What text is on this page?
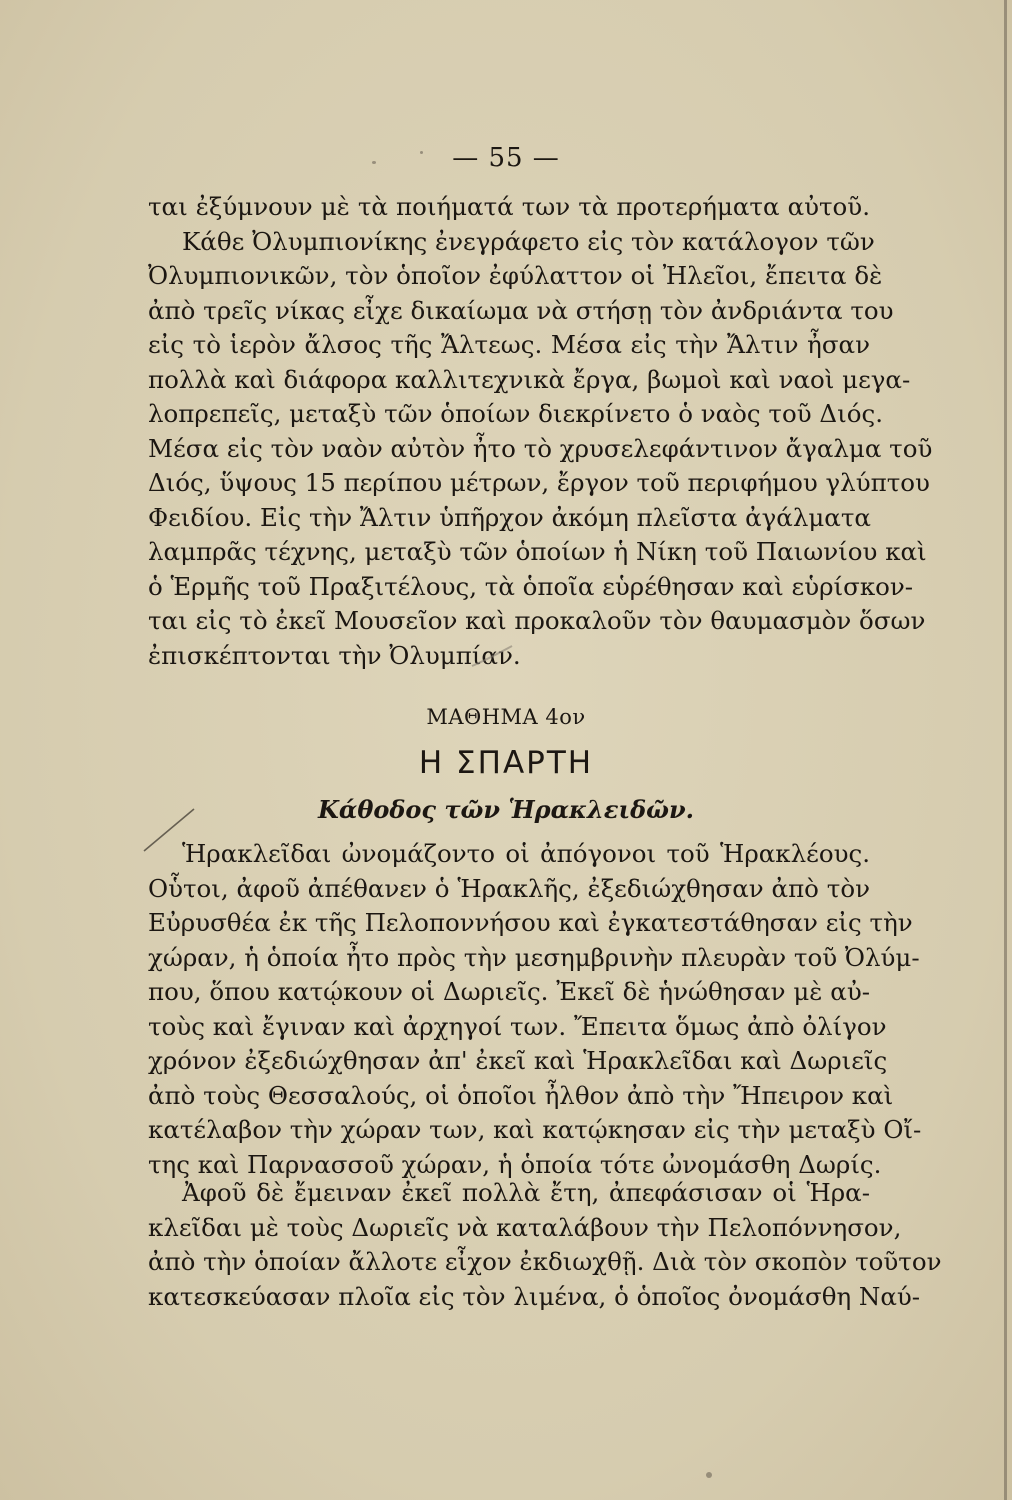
— 55 —
ται ἐξύμνουν μὲ τὰ ποιήματά των τὰ προτερήματα αὐτοῦ.
Κάθε Ὀλυμπιονίκης ἐνεγράφετο εἰς τὸν κατάλογον τῶν
Ὀλυμπιονικῶν, τὸν ὁποῖον ἐφύλαττον οἱ Ἠλεῖοι, ἔπειτα δὲ
ἀπὸ τρεῖς νίκας εἶχε δικαίωμα νὰ στήσῃ τὸν ἀνδριάντα του
εἰς τὸ ἱερὸν ἄλσος τῆς Ἄλτεως. Μέσα εἰς τὴν Ἄλτιν ἦσαν
πολλὰ καὶ διάφορα καλλιτεχνικὰ ἔργα, βωμοὶ καὶ ναοὶ μεγα-
λοπρεπεῖς, μεταξὺ τῶν ὁποίων διεκρίνετο ὁ ναὸς τοῦ Διός.
Μέσα εἰς τὸν ναὸν αὐτὸν ἦτο τὸ χρυσελεφάντινον ἄγαλμα τοῦ
Διός, ὕψους 15 περίπου μέτρων, ἔργον τοῦ περιφήμου γλύπτου
Φειδίου. Εἰς τὴν Ἄλτιν ὑπῆρχον ἀκόμη πλεῖστα ἀγάλματα
λαμπρᾶς τέχνης, μεταξὺ τῶν ὁποίων ἡ Νίκη τοῦ Παιωνίου καὶ
ὁ Ἑρμῆς τοῦ Πραξιτέλους, τὰ ὁποῖα εὑρέθησαν καὶ εὑρίσκον-
ται εἰς τὸ ἐκεῖ Μουσεῖον καὶ προκαλοῦν τὸν θαυμασμὸν ὅσων
ἐπισκέπτονται τὴν Ὀλυμπίαν.
ΜΑΘΗΜΑ 4ον
Η ΣΠΑΡΤΗ
Κάθοδος τῶν Ἡρακλειδῶν.
Ἡρακλεῖδαι ὠνομάζοντο οἱ ἀπόγονοι τοῦ Ἡρακλέους.
Οὗτοι, ἀφοῦ ἀπέθανεν ὁ Ἡρακλῆς, ἐξεδιώχθησαν ἀπὸ τὸν
Εὐρυσθέα ἐκ τῆς Πελοποννήσου καὶ ἐγκατεστάθησαν εἰς τὴν
χώραν, ἡ ὁποία ἦτο πρὸς τὴν μεσημβρινὴν πλευρὰν τοῦ Ὀλύμ-
που, ὅπου κατῴκουν οἱ Δωριεῖς. Ἐκεῖ δὲ ἡνώθησαν μὲ αὐ-
τοὺς καὶ ἔγιναν καὶ ἀρχηγοί των. Ἔπειτα ὅμως ἀπὸ ὀλίγον
χρόνον ἐξεδιώχθησαν ἀπ' ἐκεῖ καὶ Ἡρακλεῖδαι καὶ Δωριεῖς
ἀπὸ τοὺς Θεσσαλούς, οἱ ὁποῖοι ἦλθον ἀπὸ τὴν Ἤπειρον καὶ
κατέλαβον τὴν χώραν των, καὶ κατῴκησαν εἰς τὴν μεταξὺ Οἴ-
της καὶ Παρνασσοῦ χώραν, ἡ ὁποία τότε ὠνομάσθη Δωρίς.
Ἀφοῦ δὲ ἔμειναν ἐκεῖ πολλὰ ἔτη, ἀπεφάσισαν οἱ Ἡρα-
κλεῖδαι μὲ τοὺς Δωριεῖς νὰ καταλάβουν τὴν Πελοπόννησον,
ἀπὸ τὴν ὁποίαν ἄλλοτε εἶχον ἐκδιωχθῇ. Διὰ τὸν σκοπὸν τοῦτον
κατεσκεύασαν πλοῖα εἰς τὸν λιμένα, ὁ ὁποῖος ὀνομάσθη Ναύ-
